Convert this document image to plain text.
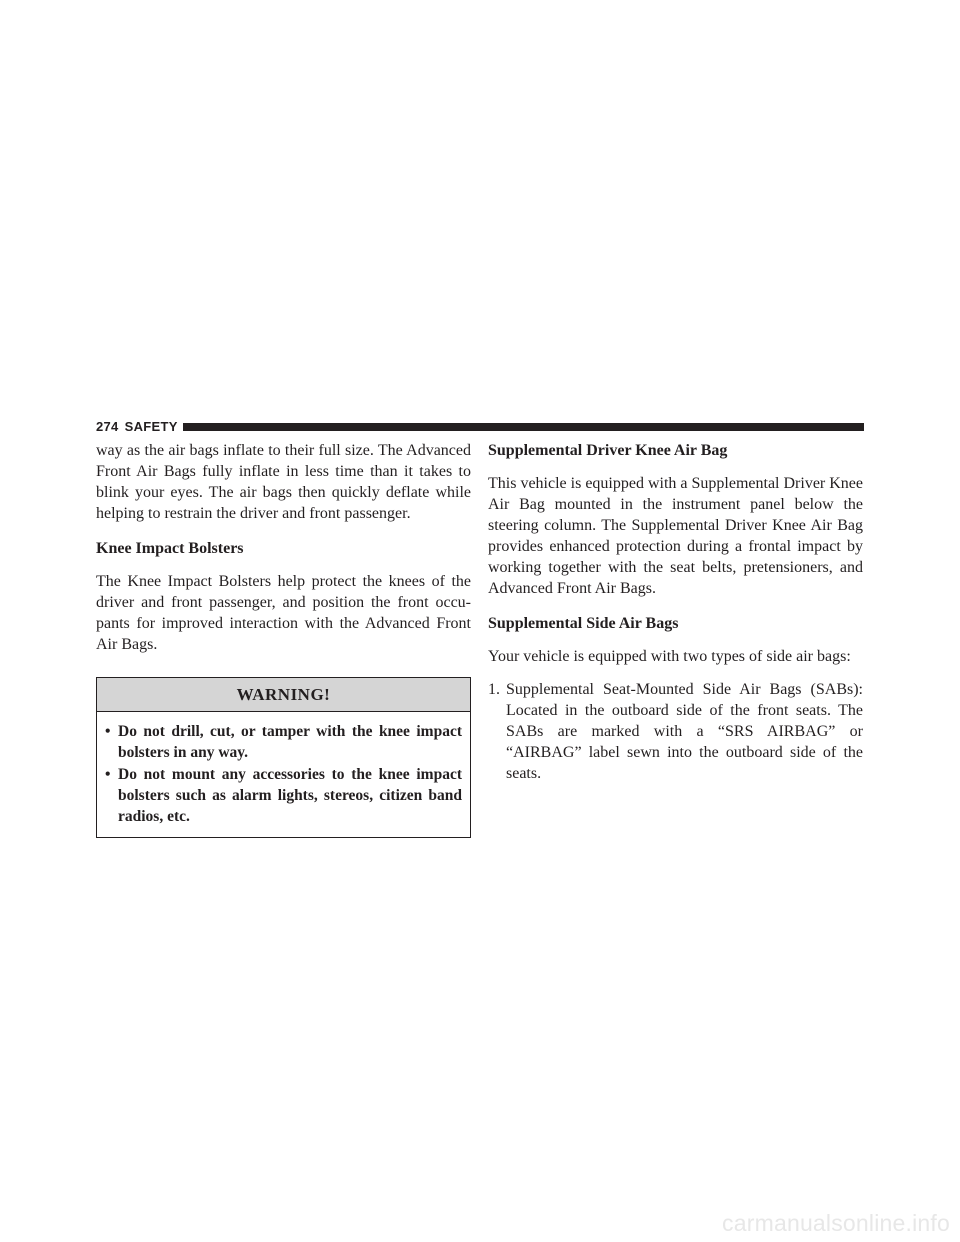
274 SAFETY

way as the air bags inflate to their full size. The Advanced Front Air Bags fully inflate in less time than it takes to blink your eyes. The air bags then quickly deflate while helping to restrain the driver and front passenger.

Knee Impact Bolsters

The Knee Impact Bolsters help protect the knees of the driver and front passenger, and position the front occu-pants for improved interaction with the Advanced Front Air Bags.

WARNING!
• Do not drill, cut, or tamper with the knee impact bolsters in any way.
• Do not mount any accessories to the knee impact bolsters such as alarm lights, stereos, citizen band radios, etc.
Supplemental Driver Knee Air Bag

This vehicle is equipped with a Supplemental Driver Knee Air Bag mounted in the instrument panel below the steering column. The Supplemental Driver Knee Air Bag provides enhanced protection during a frontal impact by working together with the seat belts, pretensioners, and Advanced Front Air Bags.

Supplemental Side Air Bags

Your vehicle is equipped with two types of side air bags:

1. Supplemental Seat-Mounted Side Air Bags (SABs): Located in the outboard side of the front seats. The SABs are marked with a “SRS AIRBAG” or “AIRBAG” label sewn into the outboard side of the seats.

carmanualsonline.info
